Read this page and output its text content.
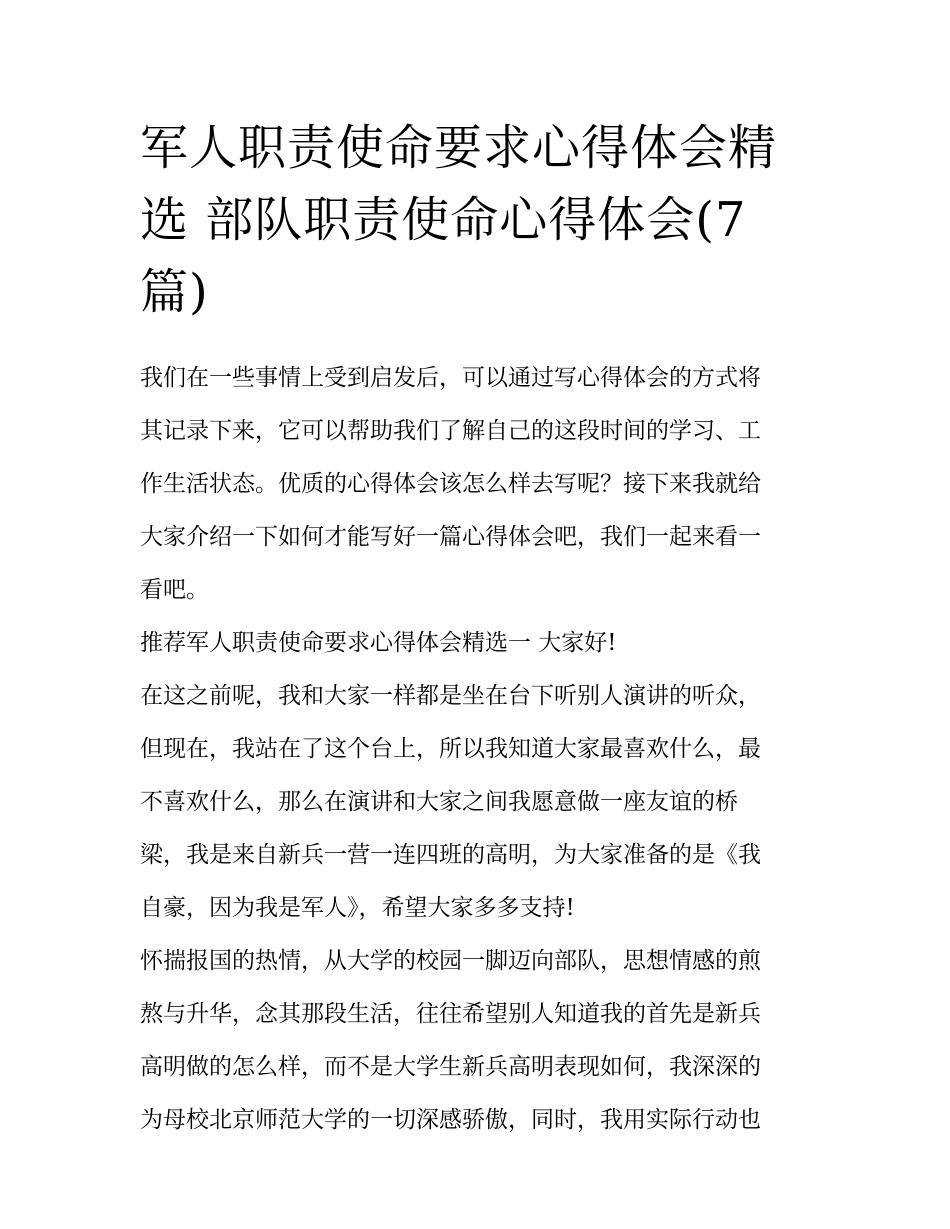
军人职责使命要求心得体会精
选 部队职责使命心得体会(7
篇)
我们在一些事情上受到启发后，可以通过写心得体会的方式将
其记录下来，它可以帮助我们了解自己的这段时间的学习、工
作生活状态。优质的心得体会该怎么样去写呢？接下来我就给
大家介绍一下如何才能写好一篇心得体会吧，我们一起来看一
看吧。
推荐军人职责使命要求心得体会精选一 大家好!
在这之前呢，我和大家一样都是坐在台下听别人演讲的听众，
但现在，我站在了这个台上，所以我知道大家最喜欢什么，最
不喜欢什么，那么在演讲和大家之间我愿意做一座友谊的桥
梁，我是来自新兵一营一连四班的高明，为大家准备的是《我
自豪，因为我是军人》，希望大家多多支持!
怀揣报国的热情，从大学的校园一脚迈向部队，思想情感的煎
熬与升华，念其那段生活，往往希望别人知道我的首先是新兵
高明做的怎么样，而不是大学生新兵高明表现如何，我深深的
为母校北京师范大学的一切深感骄傲，同时，我用实际行动也
